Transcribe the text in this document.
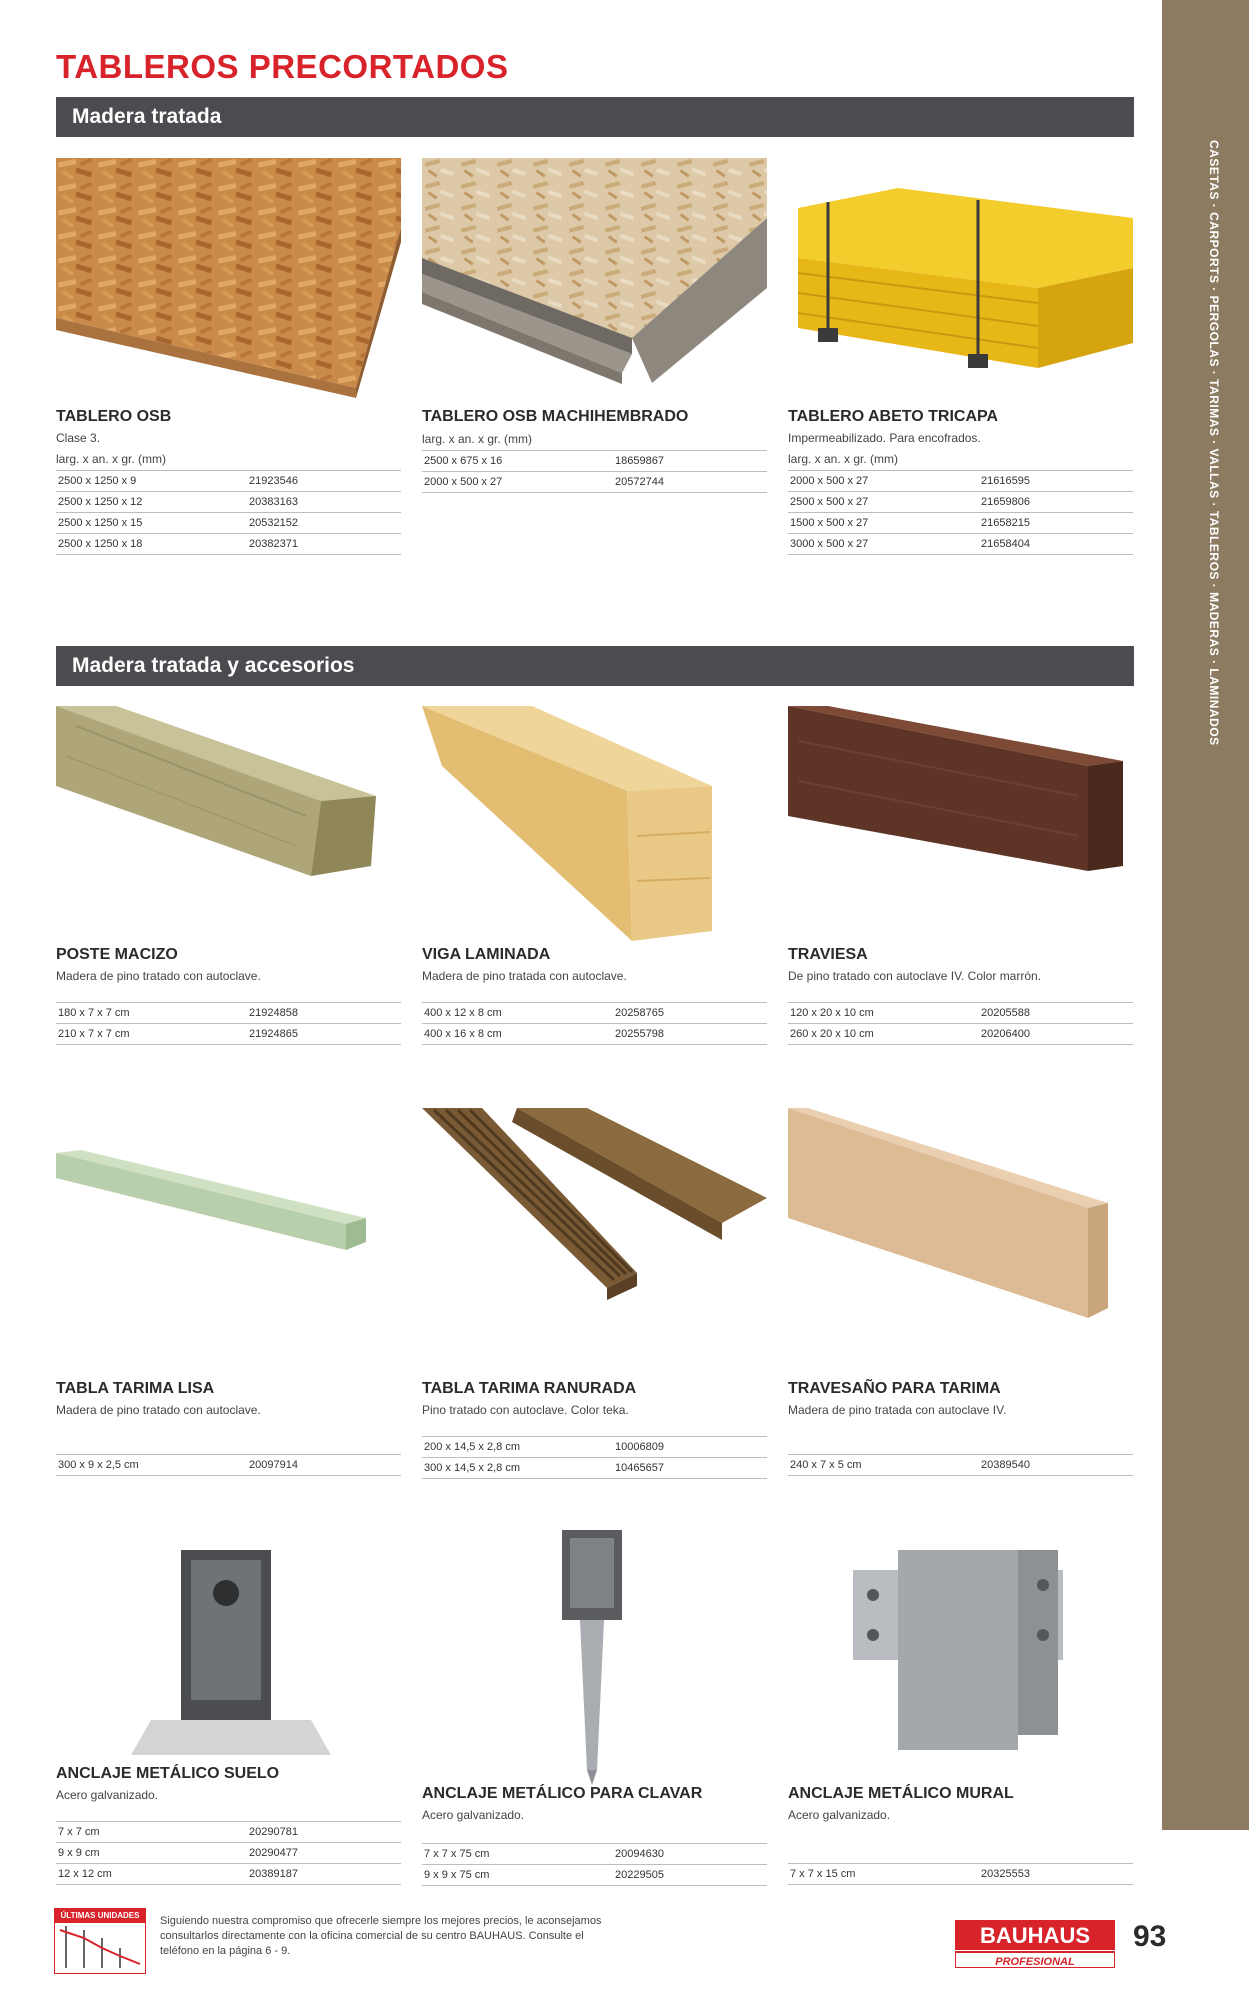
TABLEROS PRECORTADOS
CASETAS · CARPORTS · PERGOLAS · TARIMAS · VALLAS · TABLEROS · MADERAS · LAMINADOS
Madera tratada
TABLERO OSB
Clase 3.
larg. x an. x gr. (mm)
2500 x 1250 x 9	21923546
2500 x 1250 x 12	20383163
2500 x 1250 x 15	20532152
2500 x 1250 x 18	20382371
TABLERO OSB MACHIHEMBRADO
larg. x an. x gr. (mm)
2500 x 675 x 16	18659867
2000 x 500 x 27	20572744
TABLERO ABETO TRICAPA
Impermeabilizado. Para encofrados.
larg. x an. x gr. (mm)
2000 x 500 x 27	21616595
2500 x 500 x 27	21659806
1500 x 500 x 27	21658215
3000 x 500 x 27	21658404
Madera tratada y accesorios
POSTE MACIZO
Madera de pino tratado con autoclave.
180 x 7 x 7 cm	21924858
210 x 7 x 7 cm	21924865
VIGA LAMINADA
Madera de pino tratada con autoclave.
400 x 12 x 8 cm	20258765
400 x 16 x 8 cm	20255798
TRAVIESA
De pino tratado con autoclave IV. Color marrón.
120 x 20 x 10 cm	20205588
260 x 20 x 10 cm	20206400
TABLA TARIMA LISA
Madera de pino tratado con autoclave.
300 x 9 x 2,5 cm	20097914
TABLA TARIMA RANURADA
Pino tratado con autoclave. Color teka.
200 x 14,5 x 2,8 cm	10006809
300 x 14,5 x 2,8 cm	10465657
TRAVESAÑO PARA TARIMA
Madera de pino tratada con autoclave IV.
240 x 7 x 5 cm	20389540
ANCLAJE METÁLICO SUELO
Acero galvanizado.
7 x 7 cm	20290781
9 x 9 cm	20290477
12 x 12 cm	20389187
ANCLAJE METÁLICO PARA CLAVAR
Acero galvanizado.
7 x 7 x 75 cm	20094630
9 x 9 x 75 cm	20229505
ANCLAJE METÁLICO MURAL
Acero galvanizado.
7 x 7 x 15 cm	20325553
ÚLTIMAS UNIDADES Siguiendo nuestra compromiso que ofrecerle siempre los mejores precios, le aconsejamos consultarlos directamente con la oficina comercial de su centro BAUHAUS. Consulte el teléfono en la página 6 - 9.
BAUHAUS
PROFESIONAL
93
